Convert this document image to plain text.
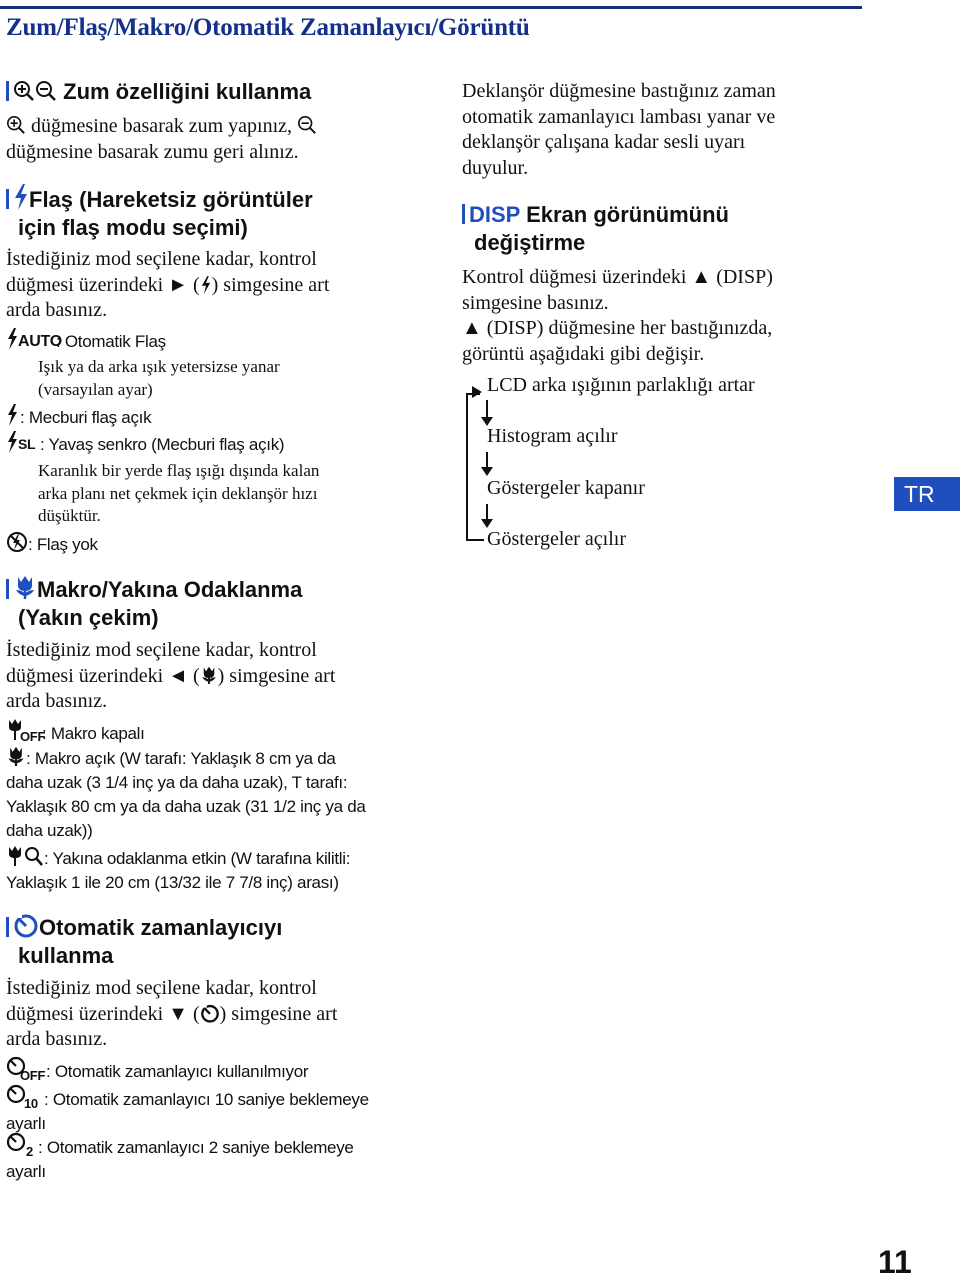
Zum/Flaş/Makro/Otomatik Zamanlayıcı/Görüntü
Zum özelliğini kullanma
düğmesine basarak zum yapınız,
düğmesine basarak zumu geri alınız.
Flaş (Hareketsiz görüntüler
için flaş modu seçimi)
İstediğiniz mod seçilene kadar, kontrol
düğmesi üzerindeki ► ( ) simgesine art
arda basınız.
AUTO
: Otomatik Flaş
Işık ya da arka ışık yetersizse yanar
(varsayılan ayar)
: Mecburi flaş açık
SL : Yavaş senkro (Mecburi flaş açık)
Karanlık bir yerde flaş ışığı dışında kalan
arka planı net çekmek için deklanşör hızı
düşüktür.
: Flaş yok
Makro/Yakına Odaklanma
(Yakın çekim)
İstediğiniz mod seçilene kadar, kontrol
düğmesi üzerindeki ◄ ( ) simgesine art
arda basınız.
OFF
: Makro kapalı
: Makro açık (W tarafı: Yaklaşık 8 cm ya da
daha uzak (3 1/4 inç ya da daha uzak), T tarafı:
Yaklaşık 80 cm ya da daha uzak (31 1/2 inç ya da
daha uzak))
: Yakına odaklanma etkin (W tarafına kilitli:
Yaklaşık 1 ile 20 cm (13/32 ile 7 7/8 inç) arası)
Otomatik zamanlayıcıyı
kullanma
İstediğiniz mod seçilene kadar, kontrol
düğmesi üzerindeki ▼ ( ) simgesine art
arda basınız.
OFF : Otomatik zamanlayıcı kullanılmıyor
10 : Otomatik zamanlayıcı 10 saniye beklemeye
ayarlı
2 : Otomatik zamanlayıcı 2 saniye beklemeye
ayarlı
Deklanşör düğmesine bastığınız zaman
otomatik zamanlayıcı lambası yanar ve
deklanşör çalışana kadar sesli uyarı
duyulur.
DISP Ekran görünümünü
değiştirme
Kontrol düğmesi üzerindeki ▲ (DISP)
simgesine basınız.
▲ (DISP) düğmesine her bastığınızda,
görüntü aşağıdaki gibi değişir.
LCD arka ışığının parlaklığı artar
Histogram açılır
Göstergeler kapanır
Göstergeler açılır
TR
11
